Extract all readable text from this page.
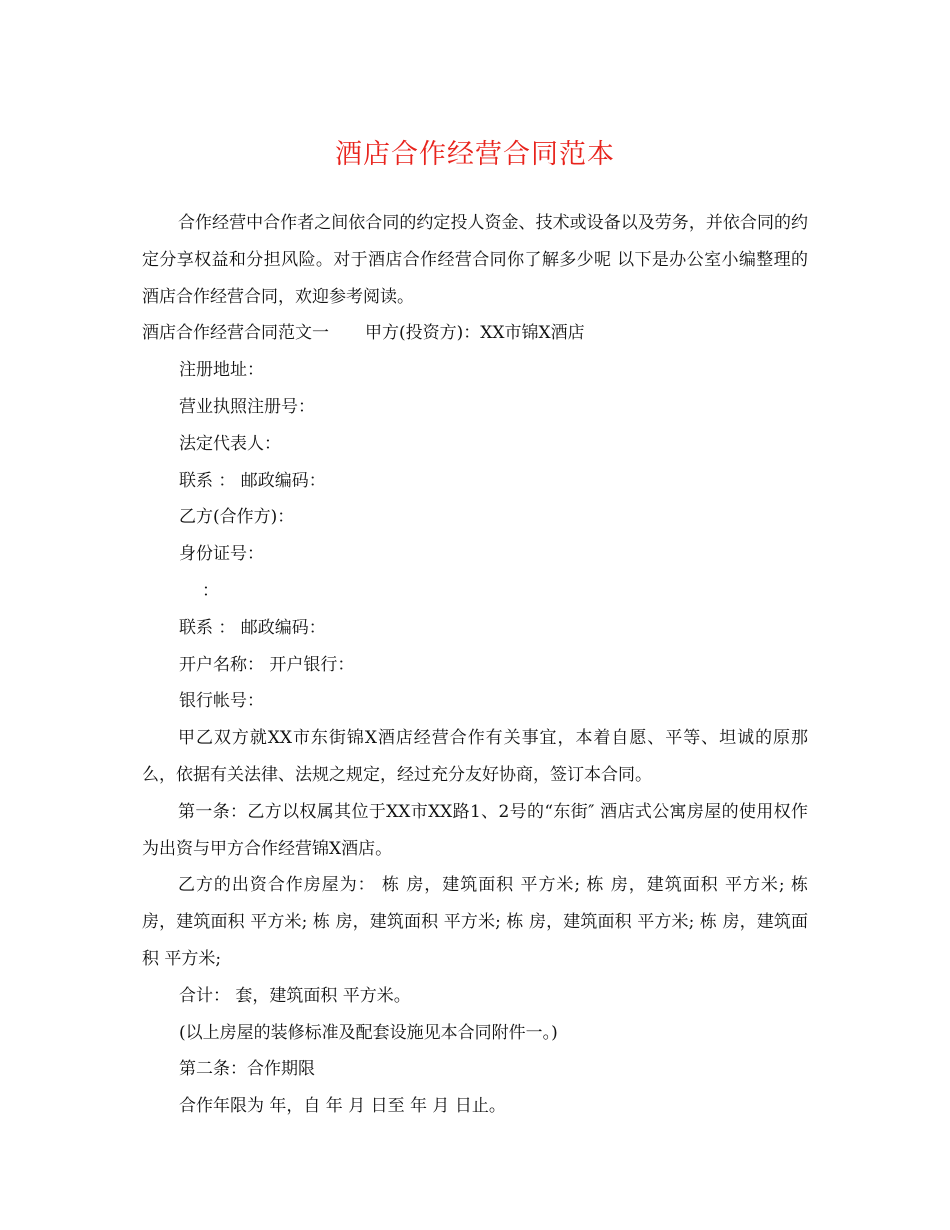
酒店合作经营合同范本

合作经营中合作者之间依合同的约定投人资金、技术或设备以及劳务，并依合同的约定分享权益和分担风险。对于酒店合作经营合同你了解多少呢 以下是办公室小编整理的酒店合作经营合同，欢迎参考阅读。

酒店合作经营合同范文一 甲方(投资方)：XX市锦X酒店
注册地址：
营业执照注册号：
法定代表人：
联系 ： 邮政编码：
乙方(合作方)：
身份证号：
：
联系 ： 邮政编码：
开户名称： 开户银行：
银行帐号：

甲乙双方就XX市东街锦X酒店经营合作有关事宜，本着自愿、平等、坦诚的原那么，依据有关法律、法规之规定，经过充分友好协商，签订本合同。

第一条：乙方以权属其位于XX市XX路1、2号的“东街″ 酒店式公寓房屋的使用权作为出资与甲方合作经营锦X酒店。

乙方的出资合作房屋为： 栋 房，建筑面积 平方米; 栋 房，建筑面积 平方米; 栋 房，建筑面积 平方米; 栋 房，建筑面积 平方米; 栋 房，建筑面积 平方米; 栋 房，建筑面积 平方米;

合计： 套，建筑面积 平方米。
(以上房屋的装修标准及配套设施见本合同附件一。)
第二条：合作期限
合作年限为 年，自 年 月 日至 年 月 日止。
